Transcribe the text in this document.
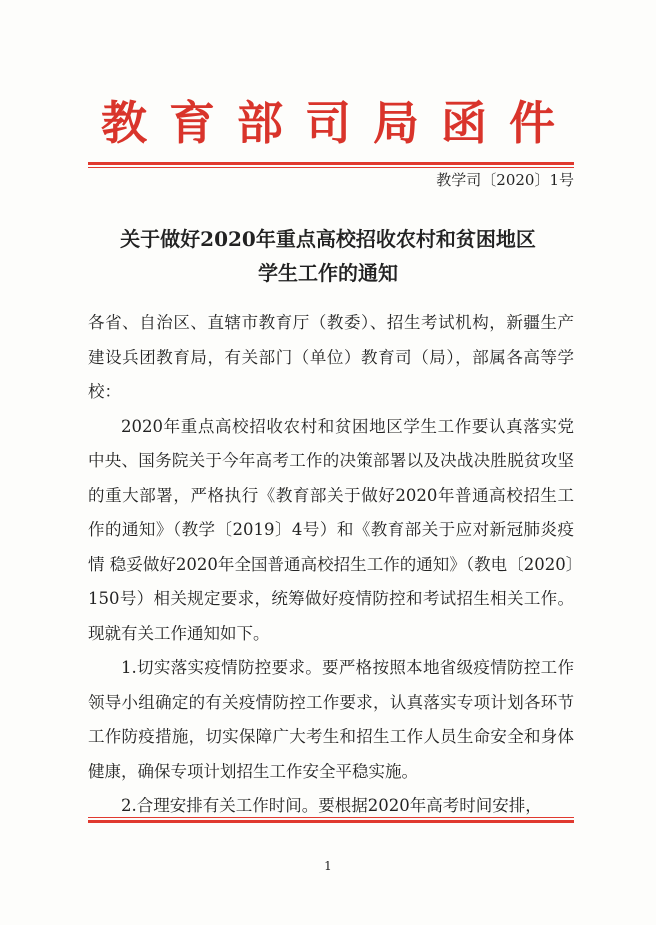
教育部司局函件
教学司〔2020〕1号
关于做好2020年重点高校招收农村和贫困地区
学生工作的通知

各省、自治区、直辖市教育厅（教委）、招生考试机构，新疆生产建设兵团教育局，有关部门（单位）教育司（局），部属各高等学校：

2020年重点高校招收农村和贫困地区学生工作要认真落实党中央、国务院关于今年高考工作的决策部署以及决战决胜脱贫攻坚的重大部署，严格执行《教育部关于做好2020年普通高校招生工作的通知》（教学〔2019〕4号）和《教育部关于应对新冠肺炎疫情 稳妥做好2020年全国普通高校招生工作的通知》（教电〔2020〕150号）相关规定要求，统筹做好疫情防控和考试招生相关工作。现就有关工作通知如下。

1.切实落实疫情防控要求。要严格按照本地省级疫情防控工作领导小组确定的有关疫情防控工作要求，认真落实专项计划各环节工作防疫措施，切实保障广大考生和招生工作人员生命安全和身体健康，确保专项计划招生工作安全平稳实施。

2.合理安排有关工作时间。要根据2020年高考时间安排，

1
